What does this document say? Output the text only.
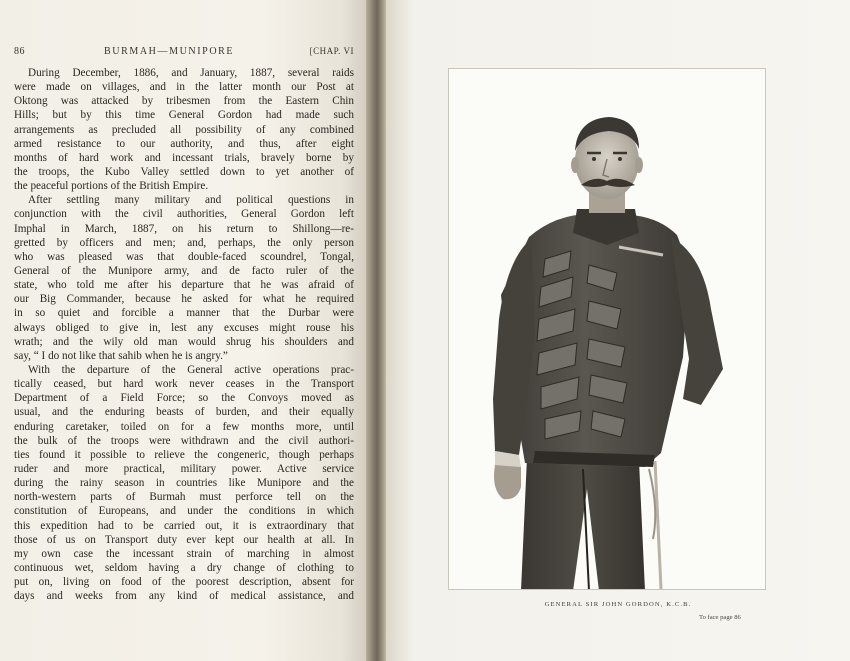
86	BURMAH—MUNIPORE	[CHAP. VI
During December, 1886, and January, 1887, several raids
were made on villages, and in the latter month our Post at
Oktong was attacked by tribesmen from the Eastern Chin
Hills; but by this time General Gordon had made such
arrangements as precluded all possibility of any combined
armed resistance to our authority, and thus, after eight
months of hard work and incessant trials, bravely borne by
the troops, the Kubo Valley settled down to yet another of
the peaceful portions of the British Empire.
After settling many military and political questions in
conjunction with the civil authorities, General Gordon left
Imphal in March, 1887, on his return to Shillong—re-
gretted by officers and men; and, perhaps, the only person
who was pleased was that double-faced scoundrel, Tongal,
General of the Munipore army, and de facto ruler of the
state, who told me after his departure that he was afraid of
our Big Commander, because he asked for what he required
in so quiet and forcible a manner that the Durbar were
always obliged to give in, lest any excuses might rouse his
wrath; and the wily old man would shrug his shoulders and
say, “ I do not like that sahib when he is angry.”
With the departure of the General active operations prac-
tically ceased, but hard work never ceases in the Transport
Department of a Field Force; so the Convoys moved as
usual, and the enduring beasts of burden, and their equally
enduring caretaker, toiled on for a few months more, until
the bulk of the troops were withdrawn and the civil authori-
ties found it possible to relieve the congeneric, though perhaps
ruder and more practical, military power. Active service
during the rainy season in countries like Munipore and the
north-western parts of Burmah must perforce tell on the
constitution of Europeans, and under the conditions in which
this expedition had to be carried out, it is extraordinary that
those of us on Transport duty ever kept our health at all. In
my own case the incessant strain of marching in almost
continuous wet, seldom having a dry change of clothing to
put on, living on food of the poorest description, absent for
days and weeks from any kind of medical assistance, and
GENERAL SIR JOHN GORDON, K.C.B.
To face page 86
